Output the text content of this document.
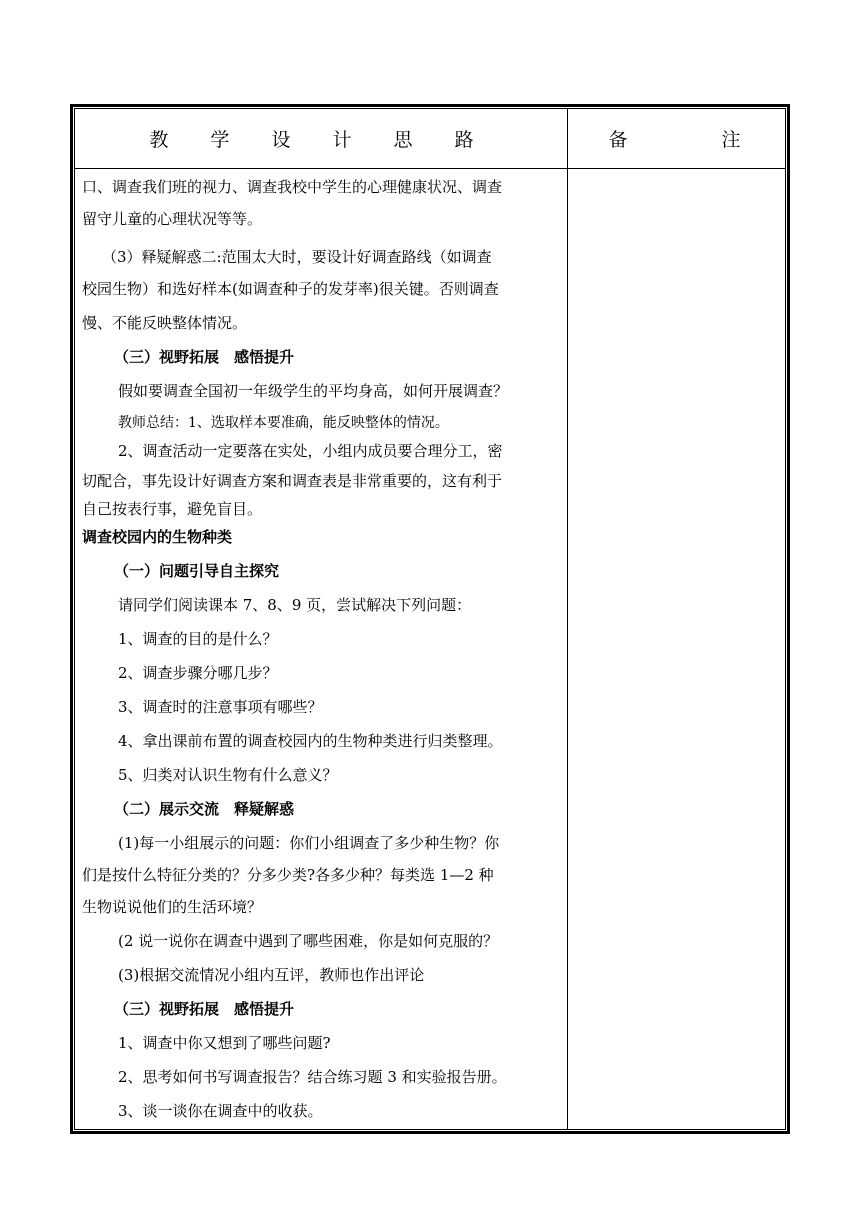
教 学 设 计 思 路	备 注

口、调查我们班的视力、调查我校中学生的心理健康状况、调查

留守儿童的心理状况等等。

（3）释疑解惑二:范围太大时，要设计好调查路线（如调查

校园生物）和选好样本(如调查种子的发芽率)很关键。否则调查

慢、不能反映整体情况。

（三）视野拓展　感悟提升

假如要调查全国初一年级学生的平均身高，如何开展调查？

教师总结：1、选取样本要准确，能反映整体的情况。

2、调查活动一定要落在实处，小组内成员要合理分工，密

切配合，事先设计好调查方案和调查表是非常重要的，这有利于

自己按表行事，避免盲目。

调查校园内的生物种类

（一）问题引导自主探究

请同学们阅读课本 7、8、9 页，尝试解决下列问题：

1、调查的目的是什么？

2、调查步骤分哪几步？

3、调查时的注意事项有哪些？

4、拿出课前布置的调查校园内的生物种类进行归类整理。

5、归类对认识生物有什么意义？

（二）展示交流　释疑解惑

(1)每一小组展示的问题：你们小组调查了多少种生物？你

们是按什么特征分类的？分多少类?各多少种？每类选 1—2 种

生物说说他们的生活环境？

(2 说一说你在调查中遇到了哪些困难，你是如何克服的？

(3)根据交流情况小组内互评，教师也作出评论

（三）视野拓展　感悟提升

1、调查中你又想到了哪些问题?

2、思考如何书写调查报告？结合练习题 3 和实验报告册。

3、谈一谈你在调查中的收获。
